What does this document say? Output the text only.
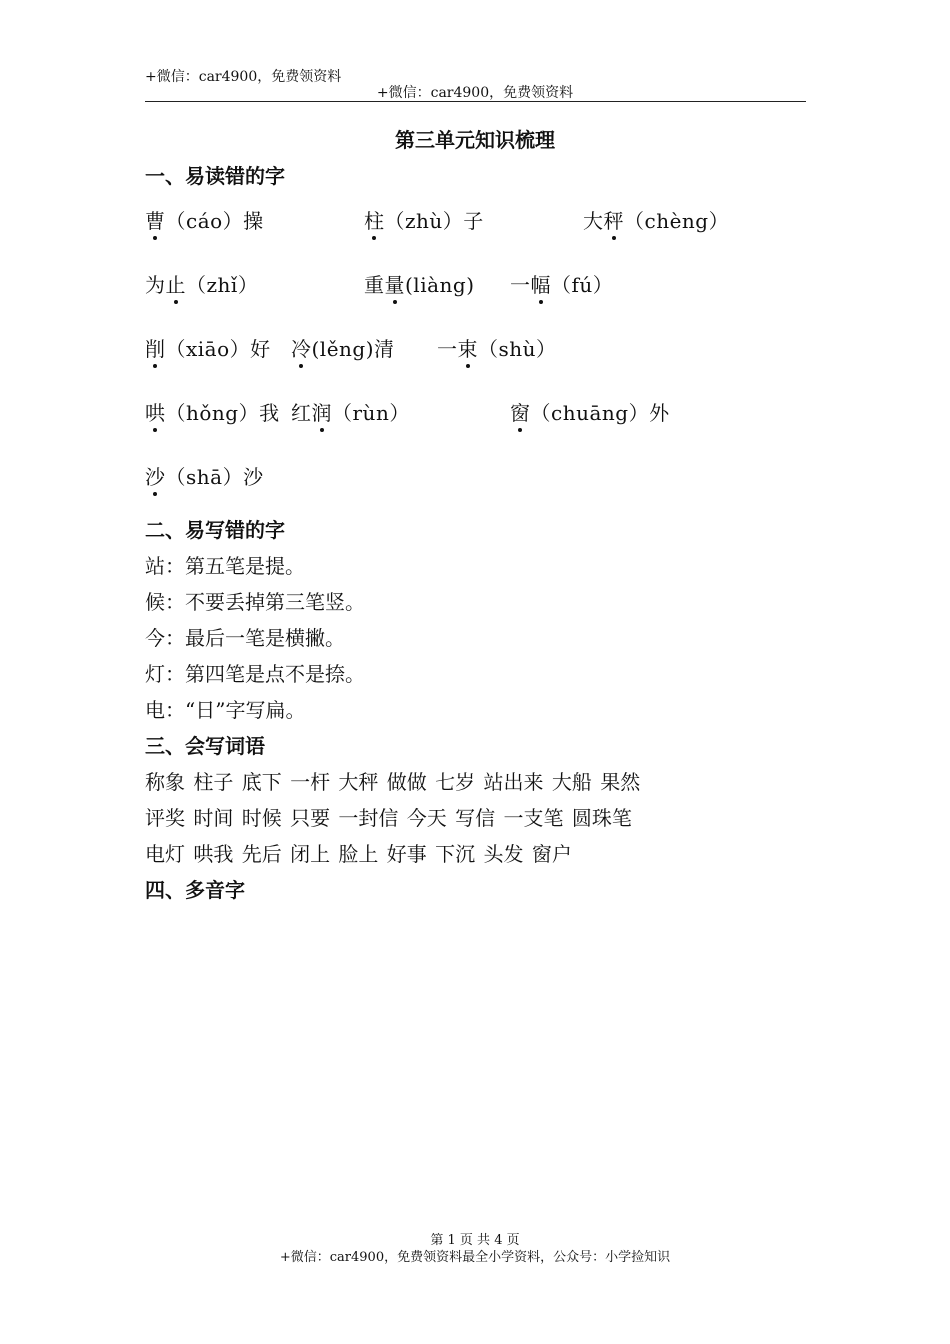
+微信：car4900，免费领资料
+微信：car4900，免费领资料
第三单元知识梳理
一、易读错的字
曹（cáo）操	柱（zhù）子	大秤（chèng）
为止（zhǐ）	重量(liàng) 一幅（fú）
削（xiāo）好 冷(lěng)清 一束（shù）
哄（hǒng）我 红润（rùn）	窗（chuāng）外
沙（shā）沙
二、易写错的字
站：第五笔是提。
候：不要丢掉第三笔竖。
今：最后一笔是横撇。
灯：第四笔是点不是捺。
电：“日”字写扁。
三、会写词语
称象 柱子 底下 一杆 大秤 做做 七岁 站出来 大船 果然
评奖 时间 时候 只要 一封信 今天 写信 一支笔 圆珠笔
电灯 哄我 先后 闭上 脸上 好事 下沉 头发 窗户
四、多音字
第 1 页 共 4 页
+微信：car4900，免费领资料最全小学资料，公众号：小学捡知识
